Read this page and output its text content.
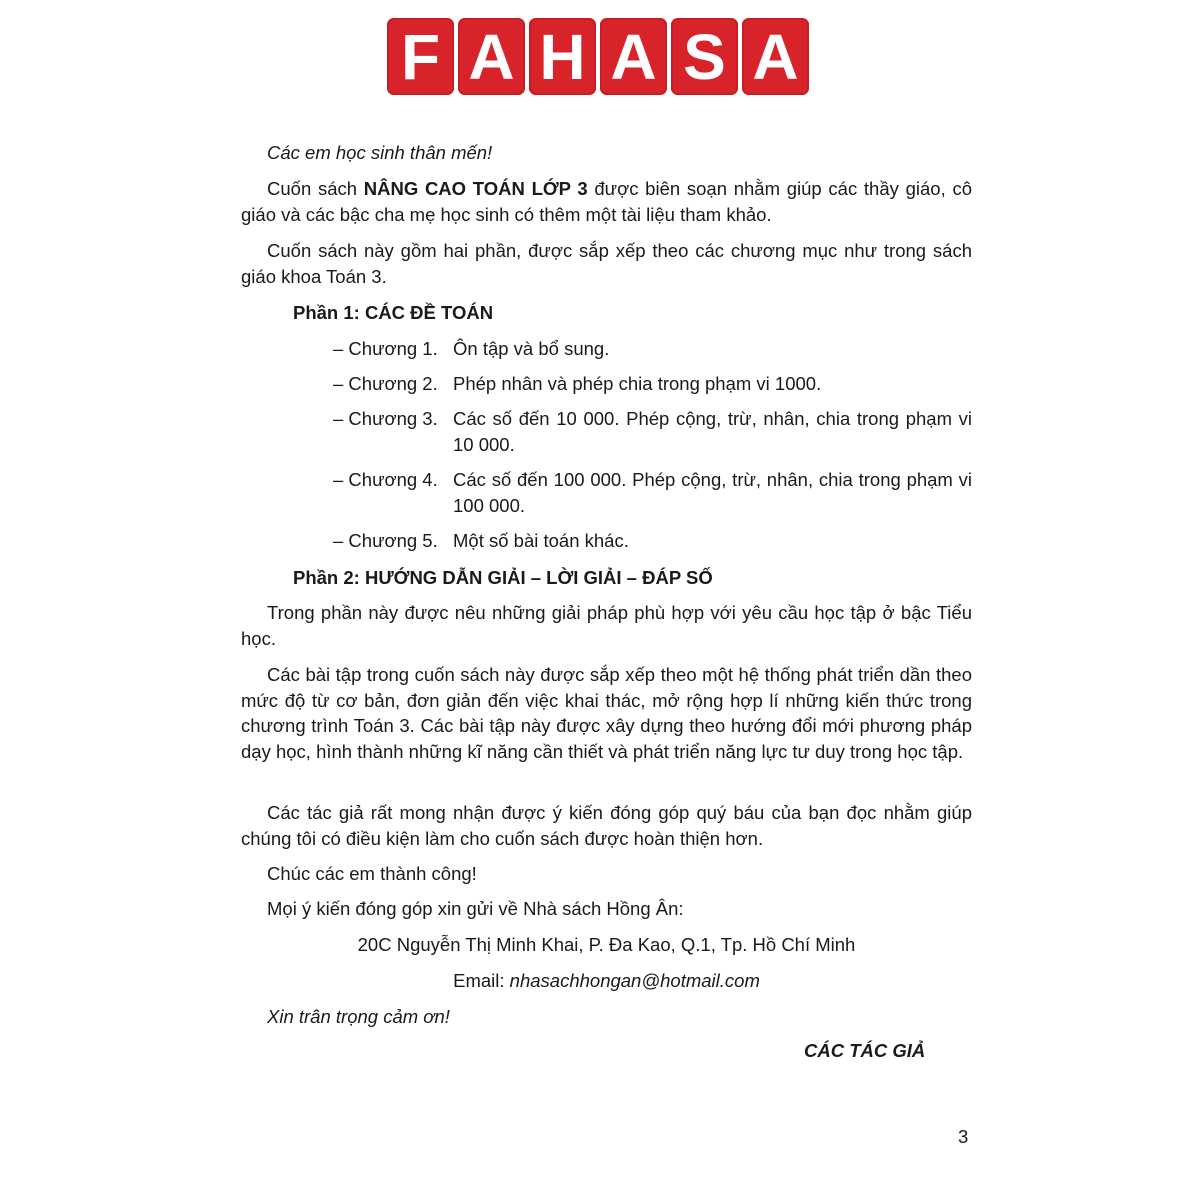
F A H A S A

Các em học sinh thân mến!

Cuốn sách NÂNG CAO TOÁN LỚP 3 được biên soạn nhằm giúp các thầy giáo, cô giáo và các bậc cha mẹ học sinh có thêm một tài liệu tham khảo.

Cuốn sách này gồm hai phần, được sắp xếp theo các chương mục như trong sách giáo khoa Toán 3.

Phần 1: CÁC ĐỀ TOÁN
– Chương 1. Ôn tập và bổ sung.
– Chương 2. Phép nhân và phép chia trong phạm vi 1000.
– Chương 3. Các số đến 10 000. Phép cộng, trừ, nhân, chia trong phạm vi 10 000.
– Chương 4. Các số đến 100 000. Phép cộng, trừ, nhân, chia trong phạm vi 100 000.
– Chương 5. Một số bài toán khác.
Phần 2: HƯỚNG DẪN GIẢI – LỜI GIẢI – ĐÁP SỐ

Trong phần này được nêu những giải pháp phù hợp với yêu cầu học tập ở bậc Tiểu học.

Các bài tập trong cuốn sách này được sắp xếp theo một hệ thống phát triển dần theo mức độ từ cơ bản, đơn giản đến việc khai thác, mở rộng hợp lí những kiến thức trong chương trình Toán 3. Các bài tập này được xây dựng theo hướng đổi mới phương pháp dạy học, hình thành những kĩ năng cần thiết và phát triển năng lực tư duy trong học tập.

Các tác giả rất mong nhận được ý kiến đóng góp quý báu của bạn đọc nhằm giúp chúng tôi có điều kiện làm cho cuốn sách được hoàn thiện hơn.

Chúc các em thành công!

Mọi ý kiến đóng góp xin gửi về Nhà sách Hồng Ân:

20C Nguyễn Thị Minh Khai, P. Đa Kao, Q.1, Tp. Hồ Chí Minh
Email: nhasachhongan@hotmail.com

Xin trân trọng cảm ơn!

CÁC TÁC GIẢ
3
